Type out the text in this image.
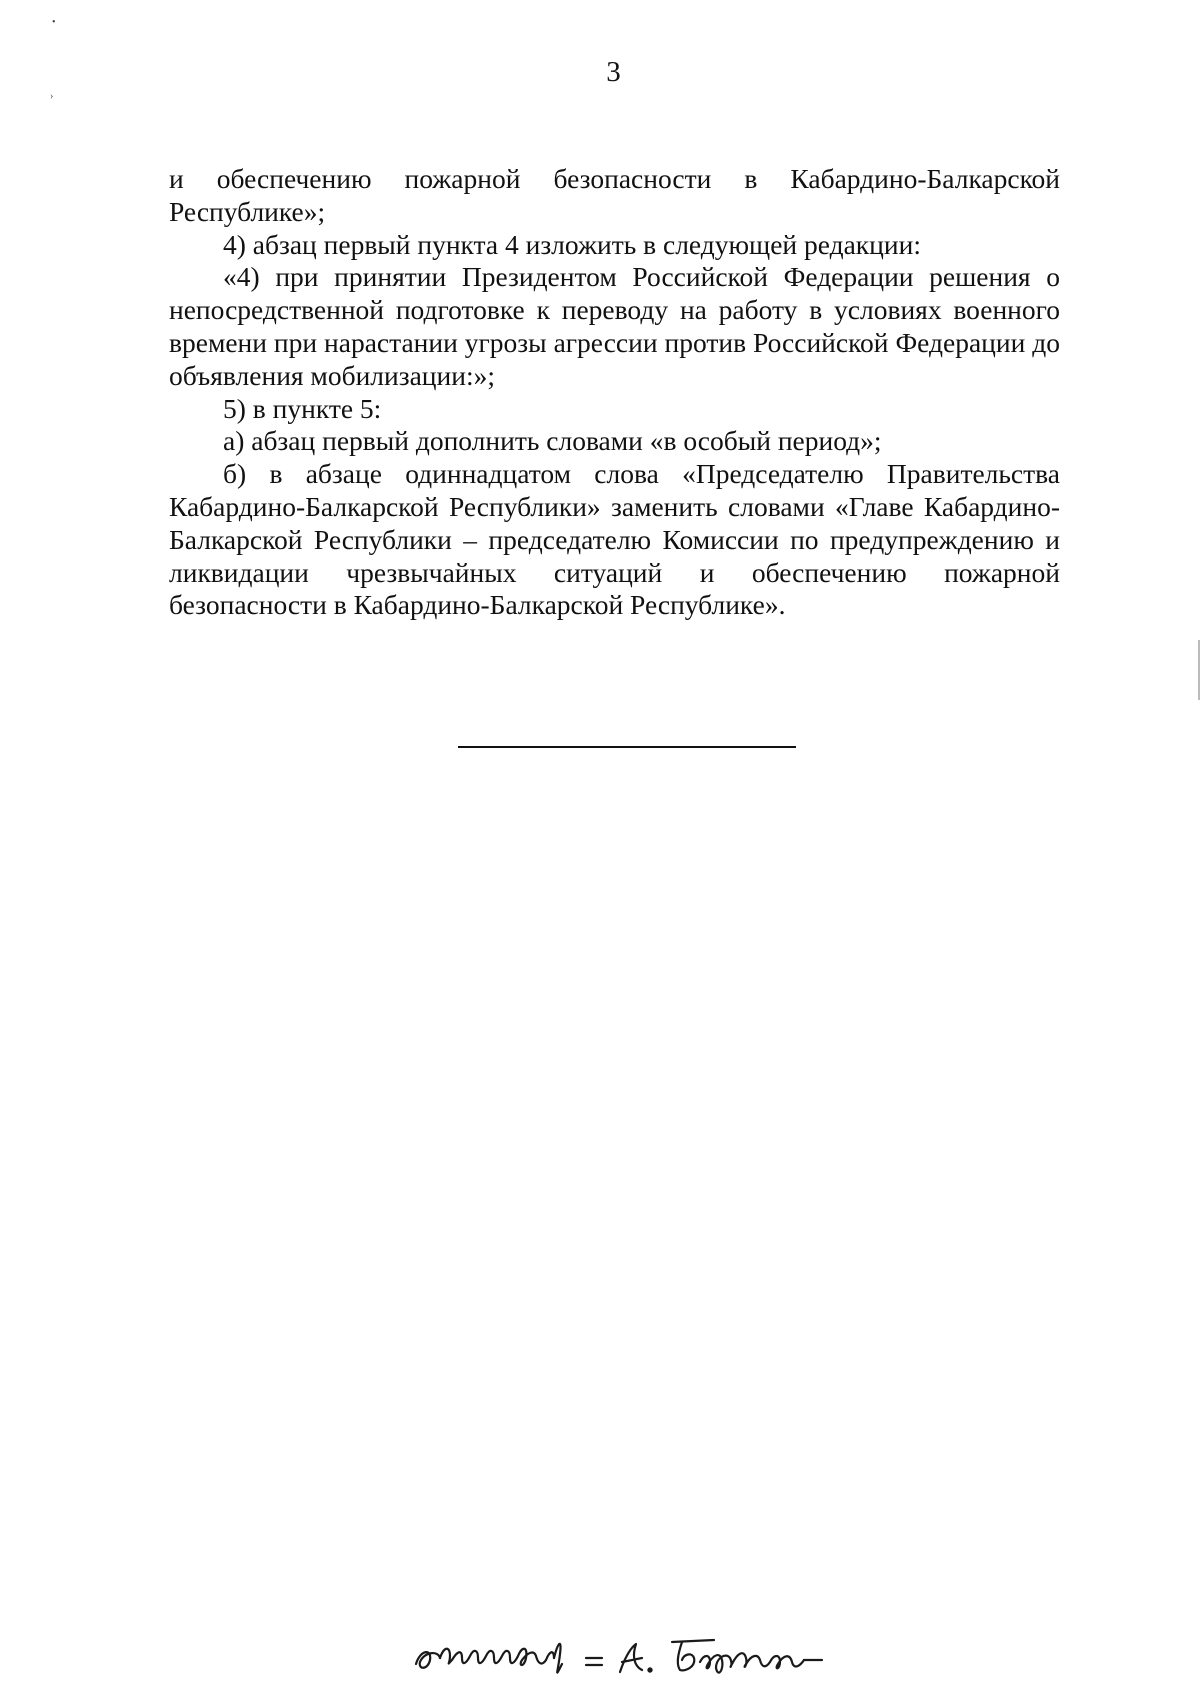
•
›
3

и обеспечению пожарной безопасности в Кабардино-Балкарской Республике»;

4) абзац первый пункта 4 изложить в следующей редакции:

«4) при принятии Президентом Российской Федерации решения о непосредственной подготовке к переводу на работу в условиях военного времени при нарастании угрозы агрессии против Российской Федерации до объявления мобилизации:»;

5) в пункте 5:

а) абзац первый дополнить словами «в особый период»;

б) в абзаце одиннадцатом слова «Председателю Правительства Кабардино-Балкарской Республики» заменить словами «Главе Кабардино-Балкарской Республики – председателю Комиссии по предупреждению и ликвидации чрезвычайных ситуаций и обеспечению пожарной безопасности в Кабардино-Балкарской Республике».
